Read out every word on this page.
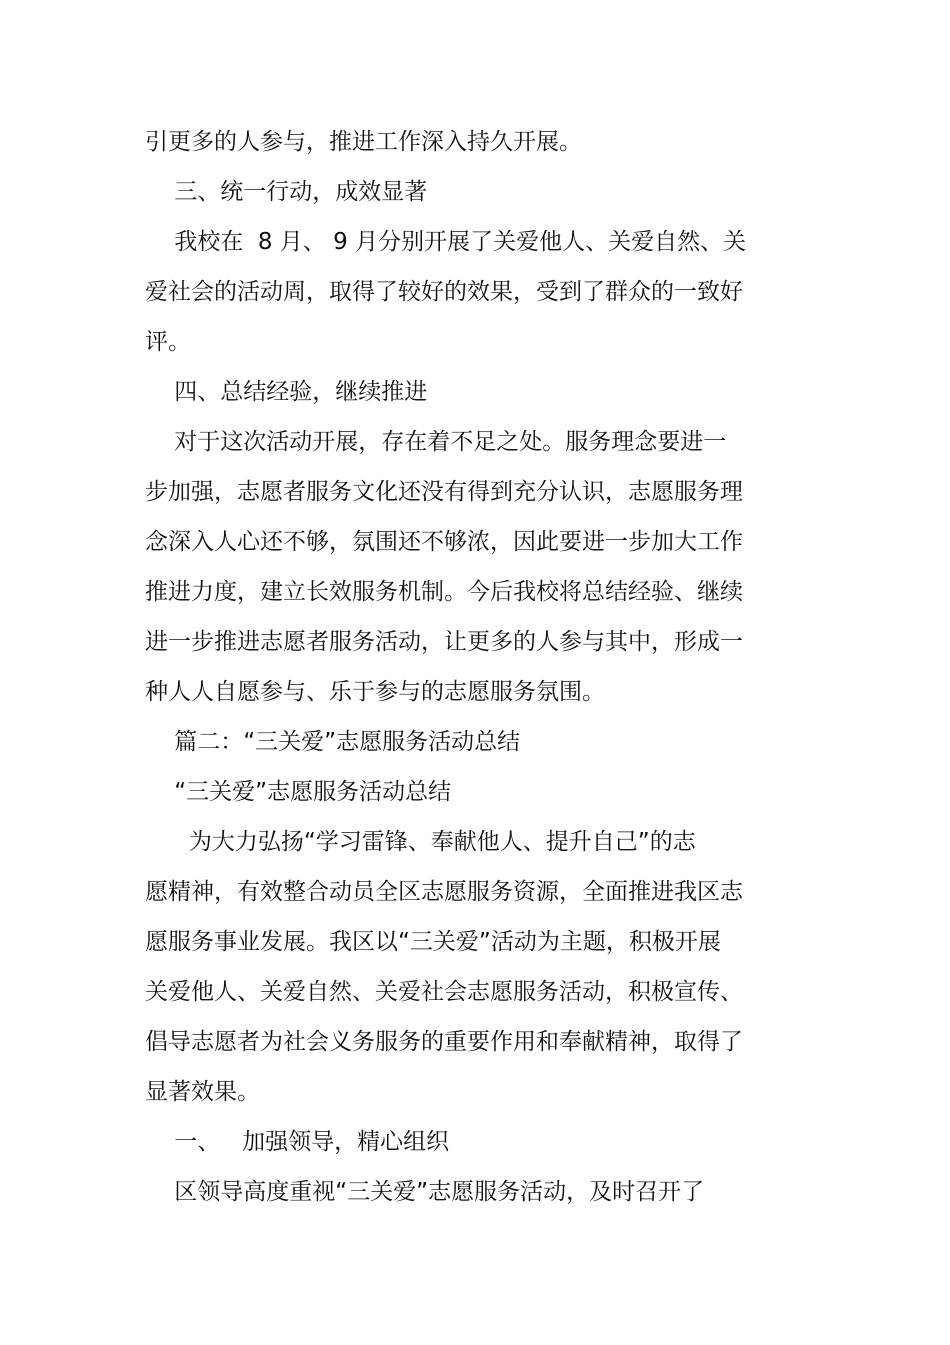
引更多的人参与，推进工作深入持久开展。
三、统一行动，成效显著
我校在  8 月、 9 月分别开展了关爱他人、关爱自然、关
爱社会的活动周，取得了较好的效果，受到了群众的一致好
评。
四、总结经验，继续推进
对于这次活动开展，存在着不足之处。服务理念要进一
步加强，志愿者服务文化还没有得到充分认识，志愿服务理
念深入人心还不够，氛围还不够浓，因此要进一步加大工作
推进力度，建立长效服务机制。今后我校将总结经验、继续
进一步推进志愿者服务活动，让更多的人参与其中，形成一
种人人自愿参与、乐于参与的志愿服务氛围。
篇二：“三关爱”志愿服务活动总结
“三关爱”志愿服务活动总结
为大力弘扬“学习雷锋、奉献他人、提升自己”的志
愿精神，有效整合动员全区志愿服务资源，全面推进我区志
愿服务事业发展。我区以“三关爱”活动为主题，积极开展
关爱他人、关爱自然、关爱社会志愿服务活动，积极宣传、
倡导志愿者为社会义务服务的重要作用和奉献精神，取得了
显著效果。
一、   加强领导，精心组织
区领导高度重视“三关爱”志愿服务活动，及时召开了
